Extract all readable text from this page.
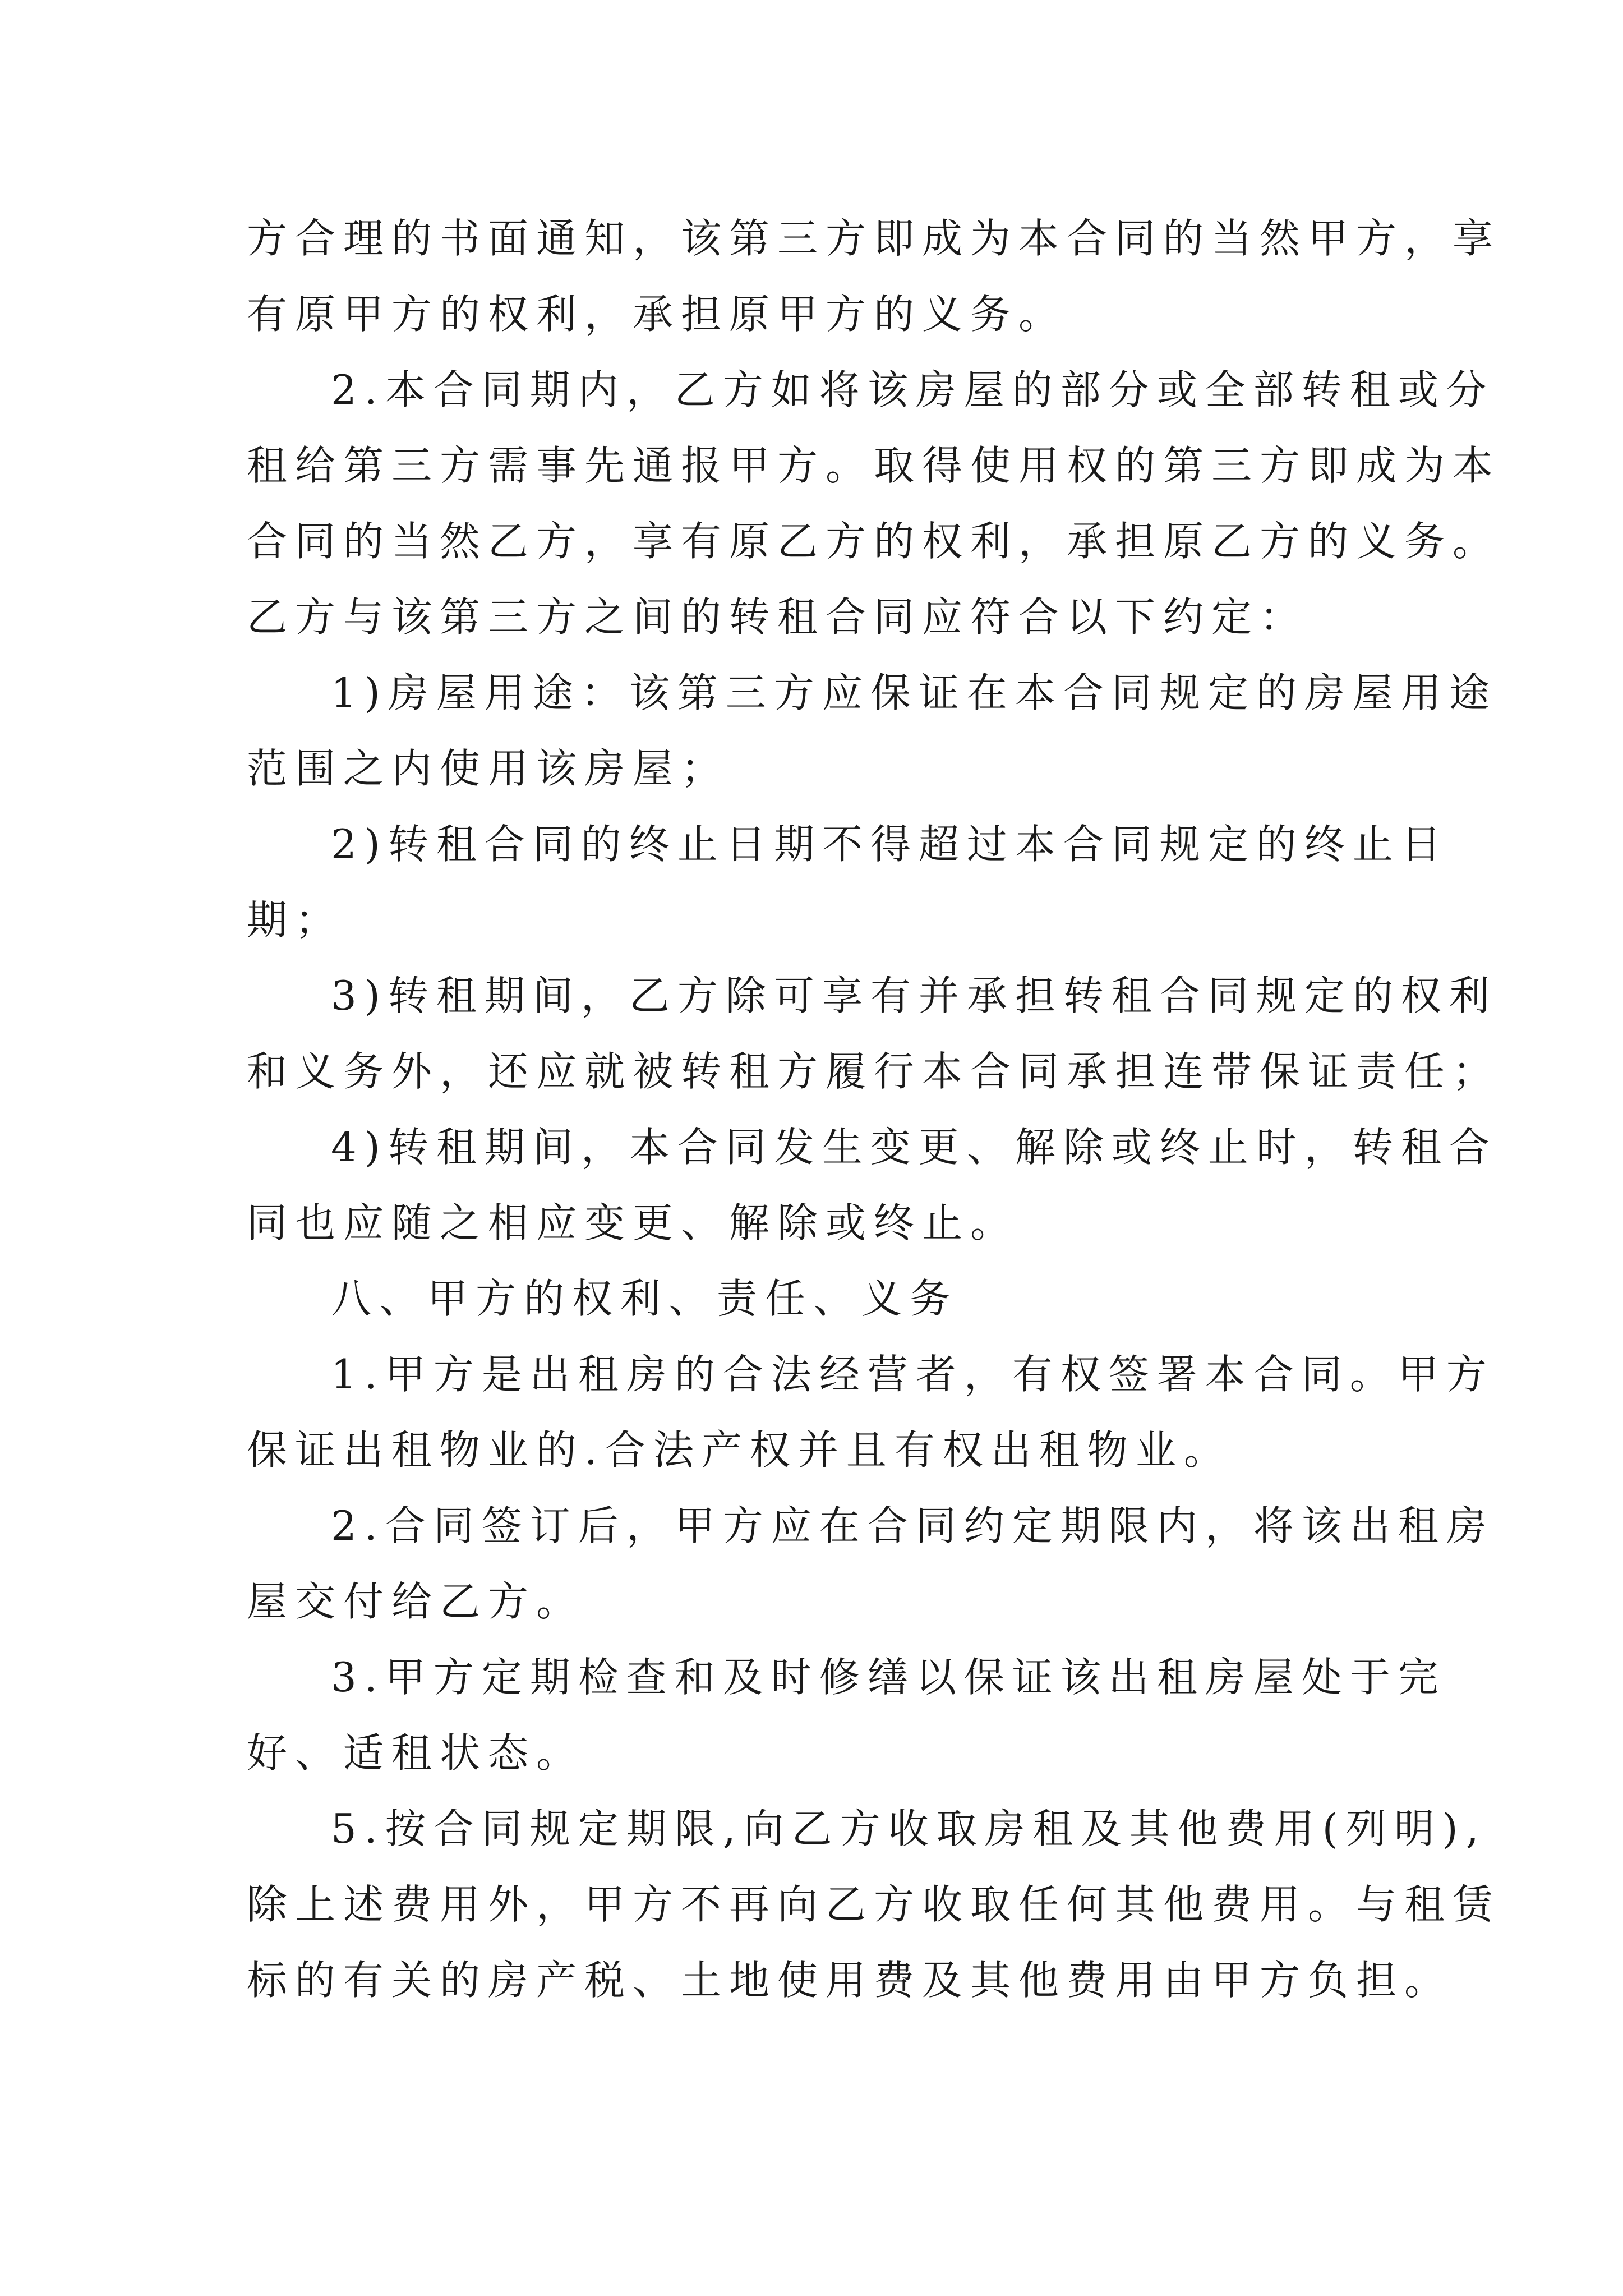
方合理的书面通知，该第三方即成为本合同的当然甲方，享
有原甲方的权利，承担原甲方的义务。
2.本合同期内，乙方如将该房屋的部分或全部转租或分
租给第三方需事先通报甲方。取得使用权的第三方即成为本
合同的当然乙方，享有原乙方的权利，承担原乙方的义务。
乙方与该第三方之间的转租合同应符合以下约定：
1)房屋用途：该第三方应保证在本合同规定的房屋用途
范围之内使用该房屋；
2)转租合同的终止日期不得超过本合同规定的终止日
期；
3)转租期间，乙方除可享有并承担转租合同规定的权利
和义务外，还应就被转租方履行本合同承担连带保证责任；
4)转租期间，本合同发生变更、解除或终止时，转租合
同也应随之相应变更、解除或终止。
八、甲方的权利、责任、义务
1.甲方是出租房的合法经营者，有权签署本合同。甲方
保证出租物业的.合法产权并且有权出租物业。
2.合同签订后，甲方应在合同约定期限内，将该出租房
屋交付给乙方。
3.甲方定期检查和及时修缮以保证该出租房屋处于完
好、适租状态。
5.按合同规定期限,向乙方收取房租及其他费用(列明),
除上述费用外，甲方不再向乙方收取任何其他费用。与租赁
标的有关的房产税、土地使用费及其他费用由甲方负担。
